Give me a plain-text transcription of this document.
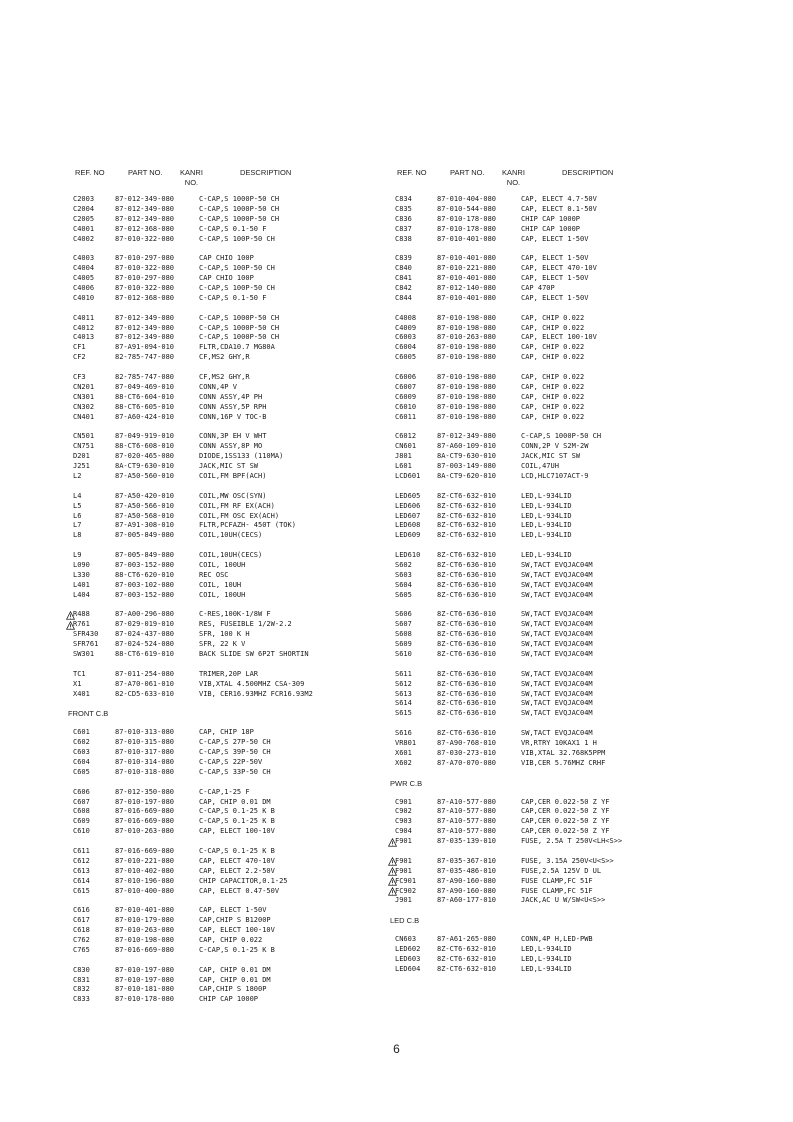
REF. NO	PART NO. KANRI
NO.
DESCRIPTION
C2003	87-012-349-080	C-CAP,S 1000P-50 CH
C2004	87-012-349-080	C-CAP,S 1000P-50 CH
C2005	87-012-349-080	C-CAP,S 1000P-50 CH
C4001	87-012-368-080	C-CAP,S 0.1-50 F
C4002	87-010-322-080	C-CAP,S 100P-50 CH
C4003	87-010-297-080	CAP CHIO 100P
C4004	87-010-322-080	C-CAP,S 100P-50 CH
C4005	87-010-297-080	CAP CHIO 100P
C4006	87-010-322-080	C-CAP,S 100P-50 CH
C4010	87-012-368-080	C-CAP,S 0.1-50 F
C4011	87-012-349-080	C-CAP,S 1000P-50 CH
C4012	87-012-349-080	C-CAP,S 1000P-50 CH
C4013	87-012-349-080	C-CAP,S 1000P-50 CH
CF1	87-A91-094-010	FLTR,CDA10.7 MG80A
CF2	82-785-747-080	CF,MS2 GHY,R
CF3	82-785-747-080	CF,MS2 GHY,R
CN201	87-049-469-010	CONN,4P V
CN301	88-CT6-604-010	CONN ASSY,4P PH
CN302	88-CT6-605-010	CONN ASSY,5P RPH
CN401	87-A60-424-010	CONN,16P V TOC-B
CN501	87-049-919-010	CONN,3P EH V WHT
CN751	88-CT6-608-010	CONN ASSY,8P MO
D201	87-020-465-080	DIODE,1SS133 (110MA)
J251	8A-CT9-630-010	JACK,MIC ST SW
L2	87-A50-560-010	COIL,FM BPF(ACH)
L4	87-A50-420-010	COIL,MW OSC(SYN)
L5	87-A50-566-010	COIL,FM RF EX(ACH)
L6	87-A50-568-010	COIL,FM OSC EX(ACH)
L7	87-A91-308-010	FLTR,PCFAZH- 450T (TOK)
L8	87-005-849-080	COIL,10UH(CECS)
L9	87-005-849-080	COIL,10UH(CECS)
L090	87-003-152-080	COIL, 100UH
L330	88-CT6-620-010	REC OSC
L401	87-003-102-080	COIL, 10UH
L404	87-003-152-080	COIL, 100UH
R488	87-A00-296-080	C-RES,100K-1/8W F
R761	87-029-019-010	RES, FUSEIBLE 1/2W-2.2
SFR430 87-024-437-080	SFR, 100 K H
SFR761 87-024-524-080	SFR, 22 K V
SW301	88-CT6-619-010	BACK SLIDE SW 6P2T SHORTIN
TC1	87-011-254-080	TRIMER,20P LAR
X1	87-A70-061-010	VIB,XTAL 4.500MHZ CSA-309
X401	82-CD5-633-010	VIB, CER16.93MHZ FCR16.93M2
FRONT C.B
C601	87-010-313-080	CAP, CHIP 18P
C602	87-010-315-080	C-CAP,S 27P-50 CH
C603	87-010-317-080	C-CAP,S 39P-50 CH
C604	87-010-314-080	C-CAP,S 22P-50V
C605	87-010-318-080	C-CAP,S 33P-50 CH
C606	87-012-350-080	C-CAP,1-25 F
C607	87-010-197-080	CAP, CHIP 0.01 DM
C608	87-016-669-080	C-CAP,S 0.1-25 K B
C609	87-016-669-080	C-CAP,S 0.1-25 K B
C610	87-010-263-080	CAP, ELECT 100-10V
C611	87-016-669-080	C-CAP,S 0.1-25 K B
C612	87-010-221-080	CAP, ELECT 470-10V
C613	87-010-402-080	CAP, ELECT 2.2-50V
C614	87-010-196-080	CHIP CAPACITOR,0.1-25
C615	87-010-400-080	CAP, ELECT 0.47-50V
C616	87-010-401-080	CAP, ELECT 1-50V
C617	87-010-179-080	CAP,CHIP S B1200P
C618	87-010-263-080	CAP, ELECT 100-10V
C762	87-010-198-080	CAP, CHIP 0.022
C765	87-016-669-080	C-CAP,S 0.1-25 K B
C830	87-010-197-080	CAP, CHIP 0.01 DM
C831	87-010-197-080	CAP, CHIP 0.01 DM
C832	87-010-181-080	CAP,CHIP S 1800P
C833	87-010-178-080	CHIP CAP 1000P
REF. NO	PART NO. KANRI
NO.
DESCRIPTION
C834	87-010-404-080	CAP, ELECT 4.7-50V
C835	87-010-544-080	CAP, ELECT 0.1-50V
C836	87-010-178-080	CHIP CAP 1000P
C837	87-010-178-080	CHIP CAP 1000P
C838	87-010-401-080	CAP, ELECT 1-50V
C839	87-010-401-080	CAP, ELECT 1-50V
C840	87-010-221-080	CAP, ELECT 470-10V
C841	87-010-401-080	CAP, ELECT 1-50V
C842	87-012-140-080	CAP 470P
C844	87-010-401-080	CAP, ELECT 1-50V
C4008	87-010-198-080	CAP, CHIP 0.022
C4009	87-010-198-080	CAP, CHIP 0.022
C6003	87-010-263-080	CAP, ELECT 100-10V
C6004	87-010-198-080	CAP, CHIP 0.022
C6005	87-010-198-080	CAP, CHIP 0.022
C6006	87-010-198-080	CAP, CHIP 0.022
C6007	87-010-198-080	CAP, CHIP 0.022
C6009	87-010-198-080	CAP, CHIP 0.022
C6010	87-010-198-080	CAP, CHIP 0.022
C6011	87-010-198-080	CAP, CHIP 0.022
C6012	87-012-349-080	C-CAP,S 1000P-50 CH
CN601	87-A60-109-010	CONN,2P V S2M-2W
J801	8A-CT9-630-010	JACK,MIC ST SW
L601	87-003-149-080	COIL,47UH
LCD601 8A-CT9-620-010	LCD,HLC7107ACT-9
LED605 8Z-CT6-632-010	LED,L-934LID
LED606 8Z-CT6-632-010	LED,L-934LID
LED607 8Z-CT6-632-010	LED,L-934LID
LED608 8Z-CT6-632-010	LED,L-934LID
LED609 8Z-CT6-632-010	LED,L-934LID
LED610 8Z-CT6-632-010	LED,L-934LID
S602	8Z-CT6-636-010	SW,TACT EVQJAC04M
S603	8Z-CT6-636-010	SW,TACT EVQJAC04M
S604	8Z-CT6-636-010	SW,TACT EVQJAC04M
S605	8Z-CT6-636-010	SW,TACT EVQJAC04M
S606	8Z-CT6-636-010	SW,TACT EVQJAC04M
S607	8Z-CT6-636-010	SW,TACT EVQJAC04M
S608	8Z-CT6-636-010	SW,TACT EVQJAC04M
S609	8Z-CT6-636-010	SW,TACT EVQJAC04M
S610	8Z-CT6-636-010	SW,TACT EVQJAC04M
S611	8Z-CT6-636-010	SW,TACT EVQJAC04M
S612	8Z-CT6-636-010	SW,TACT EVQJAC04M
S613	8Z-CT6-636-010	SW,TACT EVQJAC04M
S614	8Z-CT6-636-010	SW,TACT EVQJAC04M
S615	8Z-CT6-636-010	SW,TACT EVQJAC04M
S616	8Z-CT6-636-010	SW,TACT EVQJAC04M
VR801	87-A90-768-010	VR,RTRY 10KAX1 1 H
X601	87-030-273-010	VIB,XTAL 32.768K5PPM
X602	87-A70-070-080	VIB,CER 5.76MHZ CRHF
PWR C.B
C901	87-A10-577-080	CAP,CER 0.022-50 Z YF
C902	87-A10-577-080	CAP,CER 0.022-50 Z YF
C903	87-A10-577-080	CAP,CER 0.022-50 Z YF
C904	87-A10-577-080	CAP,CER 0.022-50 Z YF
F901	87-035-139-010	FUSE, 2.5A T 250V<LH<S>>
F901	87-035-367-010	FUSE, 3.15A 250V<U<S>>
F901	87-035-486-010	FUSE,2.5A 125V D UL
FC901	87-A90-160-080	FUSE CLAMP,FC 51F
FC902	87-A90-160-080	FUSE CLAMP,FC 51F
J901	87-A60-177-010	JACK,AC U W/SW<U<S>>
LED C.B
CN603	87-A61-265-080	CONN,4P H,LED-PWB
LED602 8Z-CT6-632-010	LED,L-934LID
LED603 8Z-CT6-632-010	LED,L-934LID
LED604 8Z-CT6-632-010	LED,L-934LID
6
